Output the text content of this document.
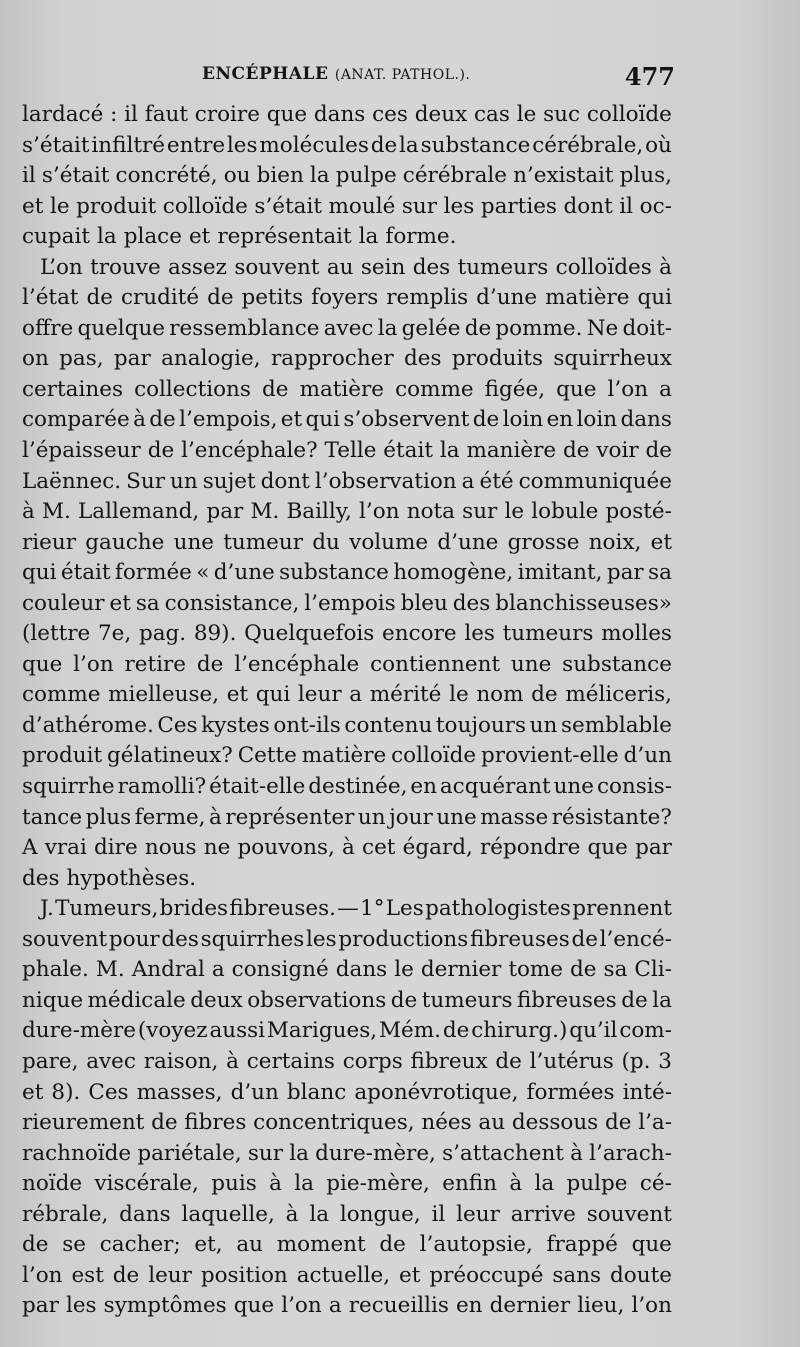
ENCÉPHALE (ANAT. PATHOL.).	477
lardacé : il faut croire que dans ces deux cas le suc colloïde
s’était infiltré entre les molécules de la substance cérébrale, où
il s’était concrété, ou bien la pulpe cérébrale n’existait plus,
et le produit colloïde s’était moulé sur les parties dont il oc-
cupait la place et représentait la forme.
L’on trouve assez souvent au sein des tumeurs colloïdes à
l’état de crudité de petits foyers remplis d’une matière qui
offre quelque ressemblance avec la gelée de pomme. Ne doit-
on pas, par analogie, rapprocher des produits squirrheux
certaines collections de matière comme figée, que l’on a
comparée à de l’empois, et qui s’observent de loin en loin dans
l’épaisseur de l’encéphale? Telle était la manière de voir de
Laënnec. Sur un sujet dont l’observation a été communiquée
à M. Lallemand, par M. Bailly, l’on nota sur le lobule posté-
rieur gauche une tumeur du volume d’une grosse noix, et
qui était formée « d’une substance homogène, imitant, par sa
couleur et sa consistance, l’empois bleu des blanchisseuses»
(lettre 7e, pag. 89). Quelquefois encore les tumeurs molles
que l’on retire de l’encéphale contiennent une substance
comme mielleuse, et qui leur a mérité le nom de méliceris,
d’athérome. Ces kystes ont-ils contenu toujours un semblable
produit gélatineux? Cette matière colloïde provient-elle d’un
squirrhe ramolli? était-elle destinée, en acquérant une consis-
tance plus ferme, à représenter un jour une masse résistante?
A vrai dire nous ne pouvons, à cet égard, répondre que par
des hypothèses.
J. Tumeurs, brides fibreuses. — 1° Les pathologistes prennent
souvent pour des squirrhes les productions fibreuses de l’encé-
phale. M. Andral a consigné dans le dernier tome de sa Cli-
nique médicale deux observations de tumeurs fibreuses de la
dure-mère (voyez aussi Marigues, Mém. de chirurg.) qu’il com-
pare, avec raison, à certains corps fibreux de l’utérus (p. 3
et 8). Ces masses, d’un blanc aponévrotique, formées inté-
rieurement de fibres concentriques, nées au dessous de l’a-
rachnoïde pariétale, sur la dure-mère, s’attachent à l’arach-
noïde viscérale, puis à la pie-mère, enfin à la pulpe cé-
rébrale, dans laquelle, à la longue, il leur arrive souvent
de se cacher; et, au moment de l’autopsie, frappé que
l’on est de leur position actuelle, et préoccupé sans doute
par les symptômes que l’on a recueillis en dernier lieu, l’on
